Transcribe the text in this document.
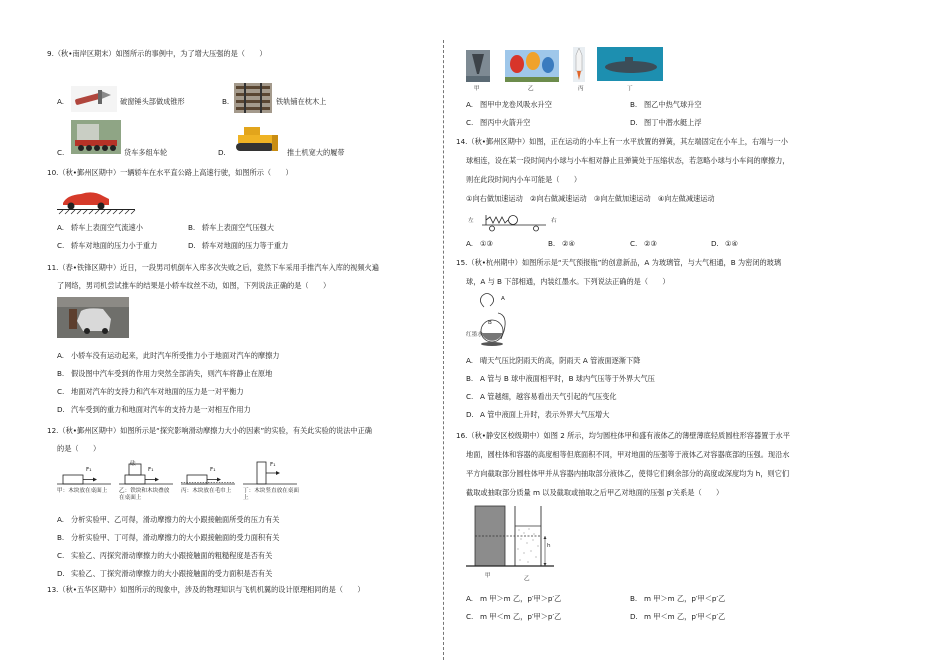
9.（秋•南岸区期末）如图所示的事例中，为了增大压强的是（　　）
A.	破窗锤头部做成锥形	B.	铁轨铺在枕木上
C.	货车多组车轮	D.	推土机宽大的履带
10.（秋•鄞州区期中）一辆轿车在水平直公路上高速行驶，如图所示（　　）
A. 轿车上表面空气流速小	B. 轿车上表面空气压强大
C. 轿车对地面的压力小于重力	D. 轿车对地面的压力等于重力
11.（春•铁锋区期中）近日，一段男司机倒车入库多次失败之后，竟然下车采用手推汽车入库的视频火遍
了网络，男司机尝试推车的结果是小轿车纹丝不动，如图，下列说法正确的是（　　）
A. 小轿车没有运动起来，此时汽车所受推力小于地面对汽车的摩擦力
B. 假设图中汽车受到的作用力突然全部消失，则汽车将静止在原地
C. 地面对汽车的支持力和汽车对地面的压力是一对平衡力
D. 汽车受到的重力和地面对汽车的支持力是一对相互作用力
12.（秋•鄞州区期中）如图所示是“探究影响滑动摩擦力大小的因素”的实验，有关此实验的说法中正确
的是（　　）
砝
F₁	F₁	F₁
F₁
甲：木块放在桌面上 乙：铁块和木块叠放在桌面上
丙：木块放在毛巾上 丁：木块竖直放在桌面上
A. 分析实验甲、乙可得，滑动摩擦力的大小跟接触面所受的压力有关
B. 分析实验甲、丁可得，滑动摩擦力的大小跟接触面的受力面积有关
C. 实验乙、丙探究滑动摩擦力的大小跟接触面的粗糙程度是否有关
D. 实验乙、丁探究滑动摩擦力的大小跟接触面的受力面积是否有关
13.（秋•五华区期中）如图所示的现象中，涉及的物理知识与飞机机翼的设计原理相同的是（　　）
甲	乙	丙	丁
A. 图甲中龙卷风吸水升空	B. 图乙中热气球升空
C. 图丙中火箭升空	D. 图丁中潜水艇上浮
14.（秋•鄞州区期中）如图，正在运动的小车上有一水平放置的弹簧，其左端固定在小车上，右端与一小
球相连，设在某一段时间内小球与小车相对静止且弹簧处于压缩状态，若忽略小球与小车间的摩擦力，
则在此段时间内小车可能是（　　）
①向右做加速运动　②向右做减速运动　③向左做加速运动　④向左做减速运动
左	右
A. ①③	B. ②④	C. ②③	D. ①④
15.（秋•杭州期中）如图所示是“天气预报瓶”的创意新品，A 为玻璃管，与大气相通，B 为密闭的玻璃
球，A 与 B 下部相通，内装红墨水。下列说法正确的是（　　）
A
B
红墨水
A. 晴天气压比阴雨天的高，阴雨天 A 管液面逐渐下降
B. A 管与 B 球中液面相平时，B 球内气压等于外界大气压
C. A 管越细，越容易看出天气引起的气压变化
D. A 管中液面上升时，表示外界大气压增大
16.（秋•静安区校级期中）如图 2 所示，均匀圆柱体甲和盛有液体乙的薄壁薄底轻质圆柱形容器置于水平
地面，圆柱体和容器的高度相等但底面积不同，甲对地面的压强等于液体乙对容器底部的压强。现沿水
平方向截取部分圆柱体甲并从容器内抽取部分液体乙，使得它们剩余部分的高度或深度均为 h，则它们
截取或抽取部分质量 m 以及截取或抽取之后甲乙对地面的压强 p′关系是（　　）
h
甲	乙
A. m 甲＞m 乙，p′甲＞p′乙	B. m 甲＞m 乙，p′甲＜p′乙
C. m 甲＜m 乙，p′甲＞p′乙	D. m 甲＜m 乙，p′甲＜p′乙
